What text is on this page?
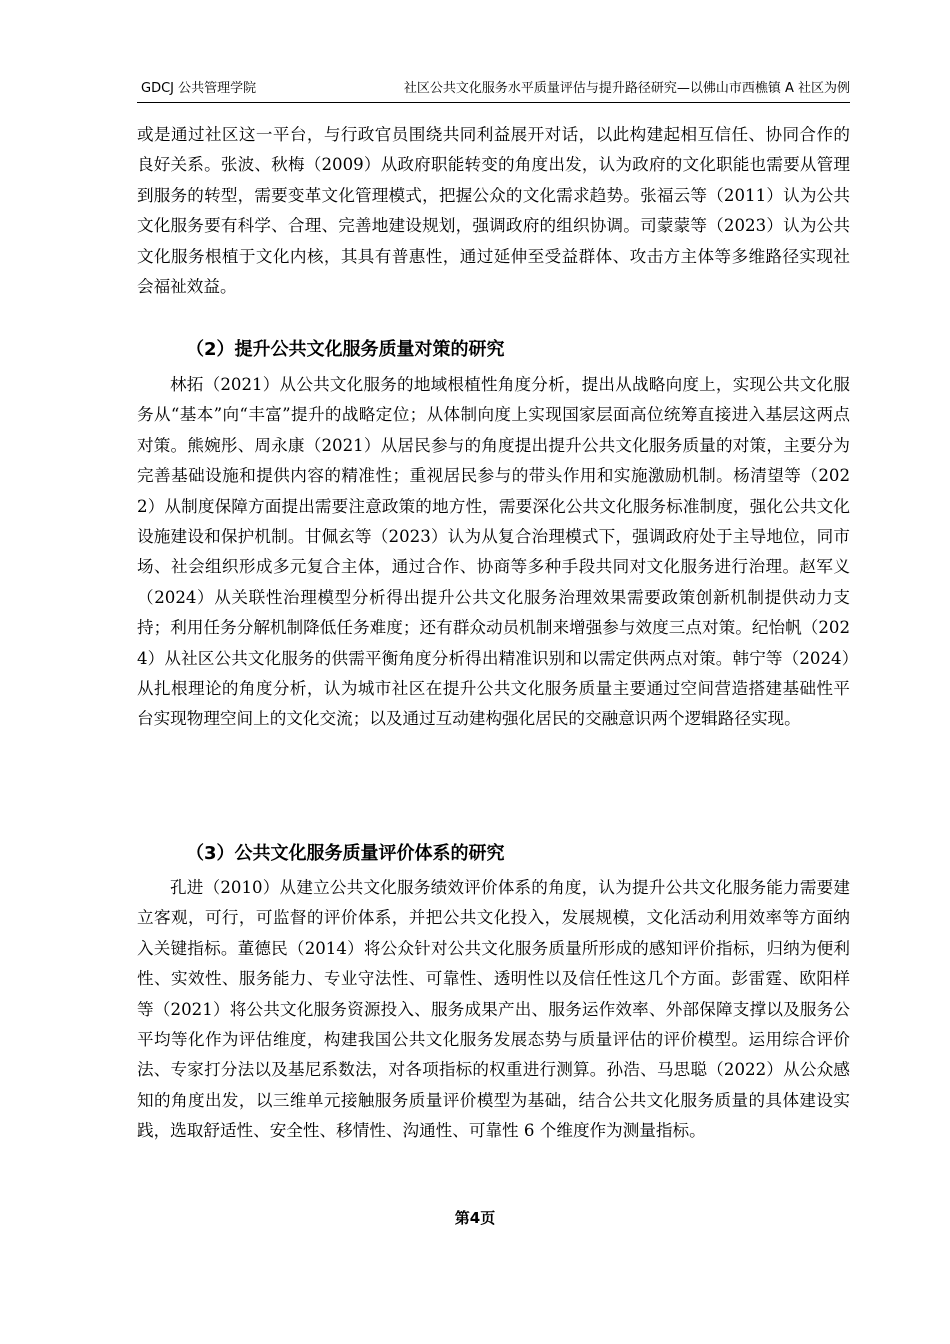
GDCJ 公共管理学院	社区公共文化服务水平质量评估与提升路径研究—以佛山市西樵镇 A 社区为例

或是通过社区这一平台，与行政官员围绕共同利益展开对话，以此构建起相互信任、协同合作的良好关系。张波、秋梅（2009）从政府职能转变的角度出发，认为政府的文化职能也需要从管理到服务的转型，需要变革文化管理模式，把握公众的文化需求趋势。张福云等（2011）认为公共文化服务要有科学、合理、完善地建设规划，强调政府的组织协调。司蒙蒙等（2023）认为公共文化服务根植于文化内核，其具有普惠性，通过延伸至受益群体、攻击方主体等多维路径实现社会福祉效益。

（2）提升公共文化服务质量对策的研究

林拓（2021）从公共文化服务的地域根植性角度分析，提出从战略向度上，实现公共文化服务从“基本”向“丰富”提升的战略定位；从体制向度上实现国家层面高位统筹直接进入基层这两点对策。熊婉彤、周永康（2021）从居民参与的角度提出提升公共文化服务质量的对策，主要分为完善基础设施和提供内容的精准性；重视居民参与的带头作用和实施激励机制。杨清望等（2022）从制度保障方面提出需要注意政策的地方性，需要深化公共文化服务标准制度，强化公共文化设施建设和保护机制。甘佩玄等（2023）认为从复合治理模式下，强调政府处于主导地位，同市场、社会组织形成多元复合主体，通过合作、协商等多种手段共同对文化服务进行治理。赵军义（2024）从关联性治理模型分析得出提升公共文化服务治理效果需要政策创新机制提供动力支持；利用任务分解机制降低任务难度；还有群众动员机制来增强参与效度三点对策。纪怡帆（2024）从社区公共文化服务的供需平衡角度分析得出精准识别和以需定供两点对策。韩宁等（2024）从扎根理论的角度分析，认为城市社区在提升公共文化服务质量主要通过空间营造搭建基础性平台实现物理空间上的文化交流；以及通过互动建构强化居民的交融意识两个逻辑路径实现。

（3）公共文化服务质量评价体系的研究

孔进（2010）从建立公共文化服务绩效评价体系的角度，认为提升公共文化服务能力需要建立客观，可行，可监督的评价体系，并把公共文化投入，发展规模，文化活动利用效率等方面纳入关键指标。董德民（2014）将公众针对公共文化服务质量所形成的感知评价指标，归纳为便利性、实效性、服务能力、专业守法性、可靠性、透明性以及信任性这几个方面。彭雷霆、欧阳样等（2021）将公共文化服务资源投入、服务成果产出、服务运作效率、外部保障支撑以及服务公平均等化作为评估维度，构建我国公共文化服务发展态势与质量评估的评价模型。运用综合评价法、专家打分法以及基尼系数法，对各项指标的权重进行测算。孙浩、马思聪（2022）从公众感知的角度出发，以三维单元接触服务质量评价模型为基础，结合公共文化服务质量的具体建设实践，选取舒适性、安全性、移情性、沟通性、可靠性 6 个维度作为测量指标。

第4页
